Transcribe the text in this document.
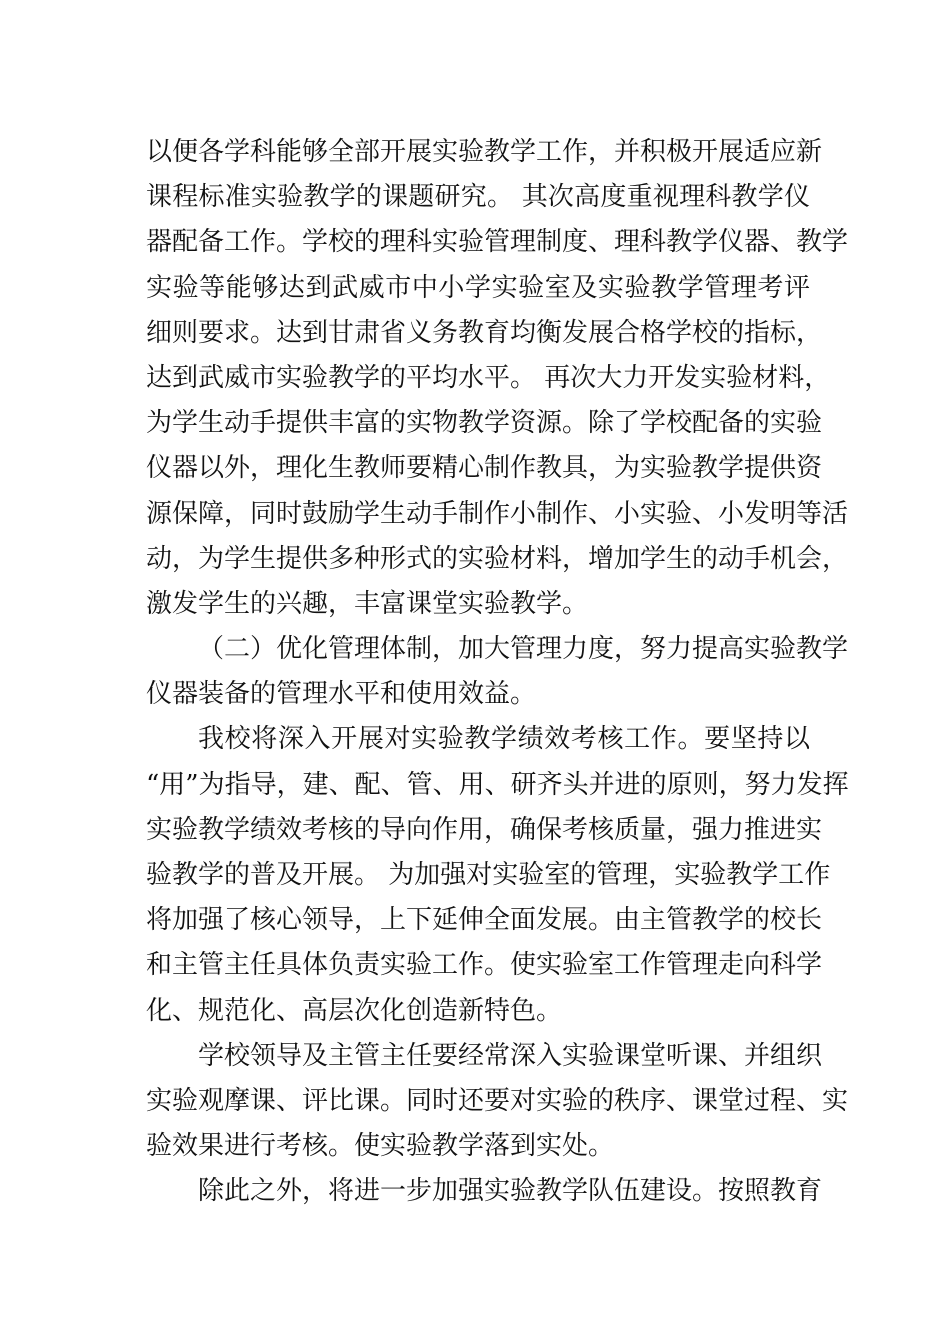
以便各学科能够全部开展实验教学工作，并积极开展适应新
课程标准实验教学的课题研究。 其次高度重视理科教学仪
器配备工作。学校的理科实验管理制度、理科教学仪器、教学
实验等能够达到武威市中小学实验室及实验教学管理考评
细则要求。达到甘肃省义务教育均衡发展合格学校的指标，
达到武威市实验教学的平均水平。 再次大力开发实验材料，
为学生动手提供丰富的实物教学资源。除了学校配备的实验
仪器以外，理化生教师要精心制作教具，为实验教学提供资
源保障，同时鼓励学生动手制作小制作、小实验、小发明等活
动，为学生提供多种形式的实验材料，增加学生的动手机会，
激发学生的兴趣，丰富课堂实验教学。
（二）优化管理体制，加大管理力度，努力提高实验教学
仪器装备的管理水平和使用效益。
我校将深入开展对实验教学绩效考核工作。要坚持以
“用”为指导，建、配、管、用、研齐头并进的原则，努力发挥
实验教学绩效考核的导向作用，确保考核质量，强力推进实
验教学的普及开展。 为加强对实验室的管理，实验教学工作
将加强了核心领导，上下延伸全面发展。由主管教学的校长
和主管主任具体负责实验工作。使实验室工作管理走向科学
化、规范化、高层次化创造新特色。
学校领导及主管主任要经常深入实验课堂听课、并组织
实验观摩课、评比课。同时还要对实验的秩序、课堂过程、实
验效果进行考核。使实验教学落到实处。
除此之外，将进一步加强实验教学队伍建设。按照教育
